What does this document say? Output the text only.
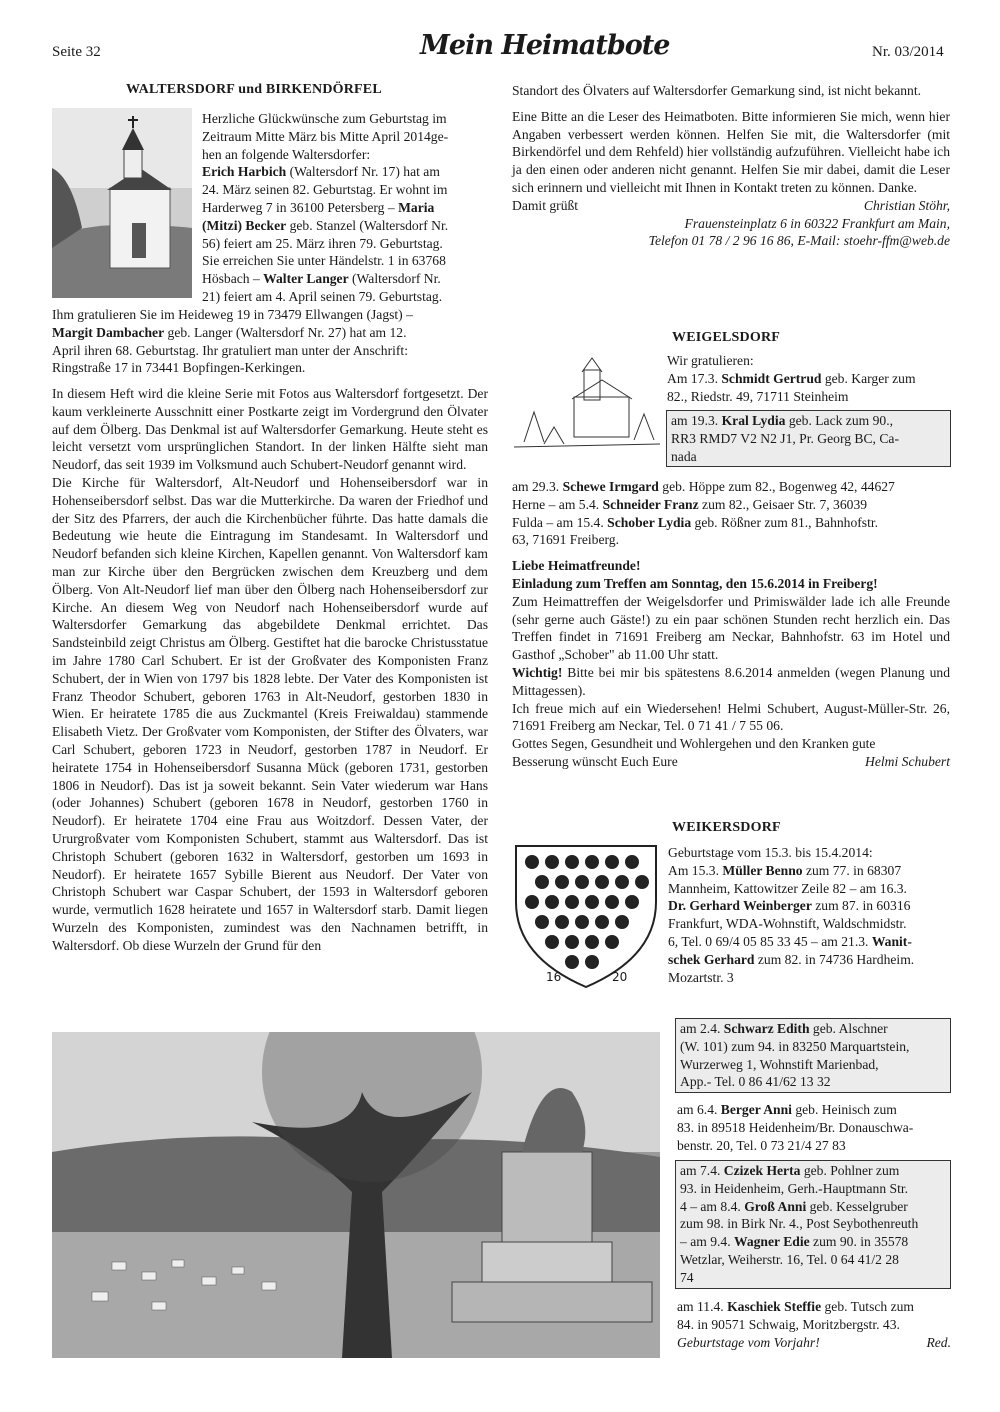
Seite 32	Mein Heimatbote	Nr. 03/2014
WALTERSDORF und BIRKENDÖRFEL

Herzliche Glückwünsche zum Geburtstag im

Zeitraum Mitte März bis Mitte April 2014ge-

hen an folgende Waltersdorfer:

Erich Harbich (Waltersdorf Nr. 17) hat am

24. März seinen 82. Geburtstag. Er wohnt im

Harderweg 7 in 36100 Petersberg – Maria

(Mitzi) Becker geb. Stanzel (Waltersdorf Nr.

56) feiert am 25. März ihren 79. Geburtstag.

Sie erreichen Sie unter Händelstr. 1 in 63768

Hösbach – Walter Langer (Waltersdorf Nr.

21) feiert am 4. April seinen 79. Geburtstag.

Ihm gratulieren Sie im Heideweg 19 in 73479 Ellwangen (Jagst) –

Margit Dambacher geb. Langer (Waltersdorf Nr. 27) hat am 12.

April ihren 68. Geburtstag. Ihr gratuliert man unter der Anschrift:

Ringstraße 17 in 73441 Bopfingen-Kerkingen.

In diesem Heft wird die kleine Serie mit Fotos aus Waltersdorf fortgesetzt. Der kaum verkleinerte Ausschnitt einer Postkarte zeigt im Vordergrund den Ölvater auf dem Ölberg. Das Denkmal ist auf Waltersdorfer Gemarkung. Heute steht es leicht versetzt vom ursprünglichen Standort. In der linken Hälfte sieht man Neudorf, das seit 1939 im Volksmund auch Schubert-Neudorf genannt wird.

Die Kirche für Waltersdorf, Alt-Neudorf und Hohenseibersdorf war in Hohenseibersdorf selbst. Das war die Mutterkirche. Da waren der Friedhof und der Sitz des Pfarrers, der auch die Kirchenbücher führte. Das hatte damals die Bedeutung wie heute die Eintragung im Standesamt. In Waltersdorf und Neudorf befanden sich kleine Kirchen, Kapellen genannt. Von Waltersdorf kam man zur Kirche über den Bergrücken zwischen dem Kreuzberg und dem Ölberg. Von Alt-Neudorf lief man über den Ölberg nach Hohenseibersdorf zur Kirche. An diesem Weg von Neudorf nach Hohenseibersdorf wurde auf Waltersdorfer Gemarkung das abgebildete Denkmal errichtet. Das Sandsteinbild zeigt Christus am Ölberg. Gestiftet hat die barocke Christusstatue im Jahre 1780 Carl Schubert. Er ist der Großvater des Komponisten Franz Schubert, der in Wien von 1797 bis 1828 lebte. Der Vater des Komponisten ist Franz Theodor Schubert, geboren 1763 in Alt-Neudorf, gestorben 1830 in Wien. Er heiratete 1785 die aus Zuckmantel (Kreis Freiwaldau) stammende Elisabeth Vietz. Der Großvater vom Komponisten, der Stifter des Ölvaters, war Carl Schubert, geboren 1723 in Neudorf, gestorben 1787 in Neudorf. Er heiratete 1754 in Hohenseibersdorf Susanna Mück (geboren 1731, gestorben 1806 in Neudorf). Das ist ja soweit bekannt. Sein Vater wiederum war Hans (oder Johannes) Schubert (geboren 1678 in Neudorf, gestorben 1760 in Neudorf). Er heiratete 1704 eine Frau aus Woitzdorf. Dessen Vater, der Ururgroßvater vom Komponisten Schubert, stammt aus Waltersdorf. Das ist Christoph Schubert (geboren 1632 in Waltersdorf, gestorben um 1693 in Neudorf). Er heiratete 1657 Sybille Bierent aus Neudorf. Der Vater von Christoph Schubert war Caspar Schubert, der 1593 in Waltersdorf geboren wurde, vermutlich 1628 heiratete und 1657 in Waltersdorf starb. Damit liegen Wurzeln des Komponisten, zumindest was den Nachnamen betrifft, in Waltersdorf. Ob diese Wurzeln der Grund für den

Standort des Ölvaters auf Waltersdorfer Gemarkung sind, ist nicht bekannt.

Eine Bitte an die Leser des Heimatboten. Bitte informieren Sie mich, wenn hier Angaben verbessert werden können. Helfen Sie mit, die Waltersdorfer (mit Birkendörfel und dem Rehfeld) hier vollständig aufzuführen. Vielleicht habe ich ja den einen oder anderen nicht genannt. Helfen Sie mir dabei, damit die Leser sich erinnern und vielleicht mit Ihnen in Kontakt treten zu können. Danke.

Damit grüßt	Christian Stöhr,

Frauensteinplatz 6 in 60322 Frankfurt am Main,

Telefon 01 78 / 2 96 16 86, E-Mail: stoehr-ffm@web.de

WEIGELSDORF

Wir gratulieren:

Am 17.3. Schmidt Gertrud geb. Karger zum

82., Riedstr. 49, 71711 Steinheim

am 19.3. Kral Lydia geb. Lack zum 90.,

RR3 RMD7 V2 N2 J1, Pr. Georg BC, Ca-

nada

am 29.3. Schewe Irmgard geb. Höppe zum 82., Bogenweg 42, 44627

Herne – am 5.4. Schneider Franz zum 82., Geisaer Str. 7, 36039

Fulda – am 15.4. Schober Lydia geb. Rößner zum 81., Bahnhofstr.

63, 71691 Freiberg.

Liebe Heimatfreunde!

Einladung zum Treffen am Sonntag, den 15.6.2014 in Freiberg!

Zum Heimattreffen der Weigelsdorfer und Primiswälder lade ich alle Freunde (sehr gerne auch Gäste!) zu ein paar schönen Stunden recht herzlich ein. Das Treffen findet in 71691 Freiberg am Neckar, Bahnhofstr. 63 im Hotel und Gasthof „Schober" ab 11.00 Uhr statt.

Wichtig! Bitte bei mir bis spätestens 8.6.2014 anmelden (wegen Planung und Mittagessen).

Ich freue mich auf ein Wiedersehen! Helmi Schubert, August-Müller-Str. 26, 71691 Freiberg am Neckar, Tel. 0 71 41 / 7 55 06.

Gottes Segen, Gesundheit und Wohlergehen und den Kranken gute

Besserung wünscht Euch Eure	Helmi Schubert
WEIKERSDORF
16	20

Geburtstage vom 15.3. bis 15.4.2014:

Am 15.3. Müller Benno zum 77. in 68307

Mannheim, Kattowitzer Zeile 82 – am 16.3.

Dr. Gerhard Weinberger zum 87. in 60316

Frankfurt, WDA-Wohnstift, Waldschmidstr.

6, Tel. 0 69/4 05 85 33 45 – am 21.3. Wanit-

schek Gerhard zum 82. in 74736 Hardheim.

Mozartstr. 3

am 2.4. Schwarz Edith geb. Alschner

(W. 101) zum 94. in 83250 Marquartstein,

Wurzerweg 1, Wohnstift Marienbad,

App.- Tel. 0 86 41/62 13 32

am 6.4. Berger Anni geb. Heinisch zum

83. in 89518 Heidenheim/Br. Donauschwa-

benstr. 20, Tel. 0 73 21/4 27 83

am 7.4. Czizek Herta geb. Pohlner zum

93. in Heidenheim, Gerh.-Hauptmann Str.

4 – am 8.4. Groß Anni geb. Kesselgruber

zum 98. in Birk Nr. 4., Post Seybothenreuth

– am 9.4. Wagner Edie zum 90. in 35578

Wetzlar, Weiherstr. 16, Tel. 0 64 41/2 28

74

am 11.4. Kaschiek Steffie geb. Tutsch zum

84. in 90571 Schwaig, Moritzbergstr. 43.

Geburtstage vom Vorjahr!	Red.
